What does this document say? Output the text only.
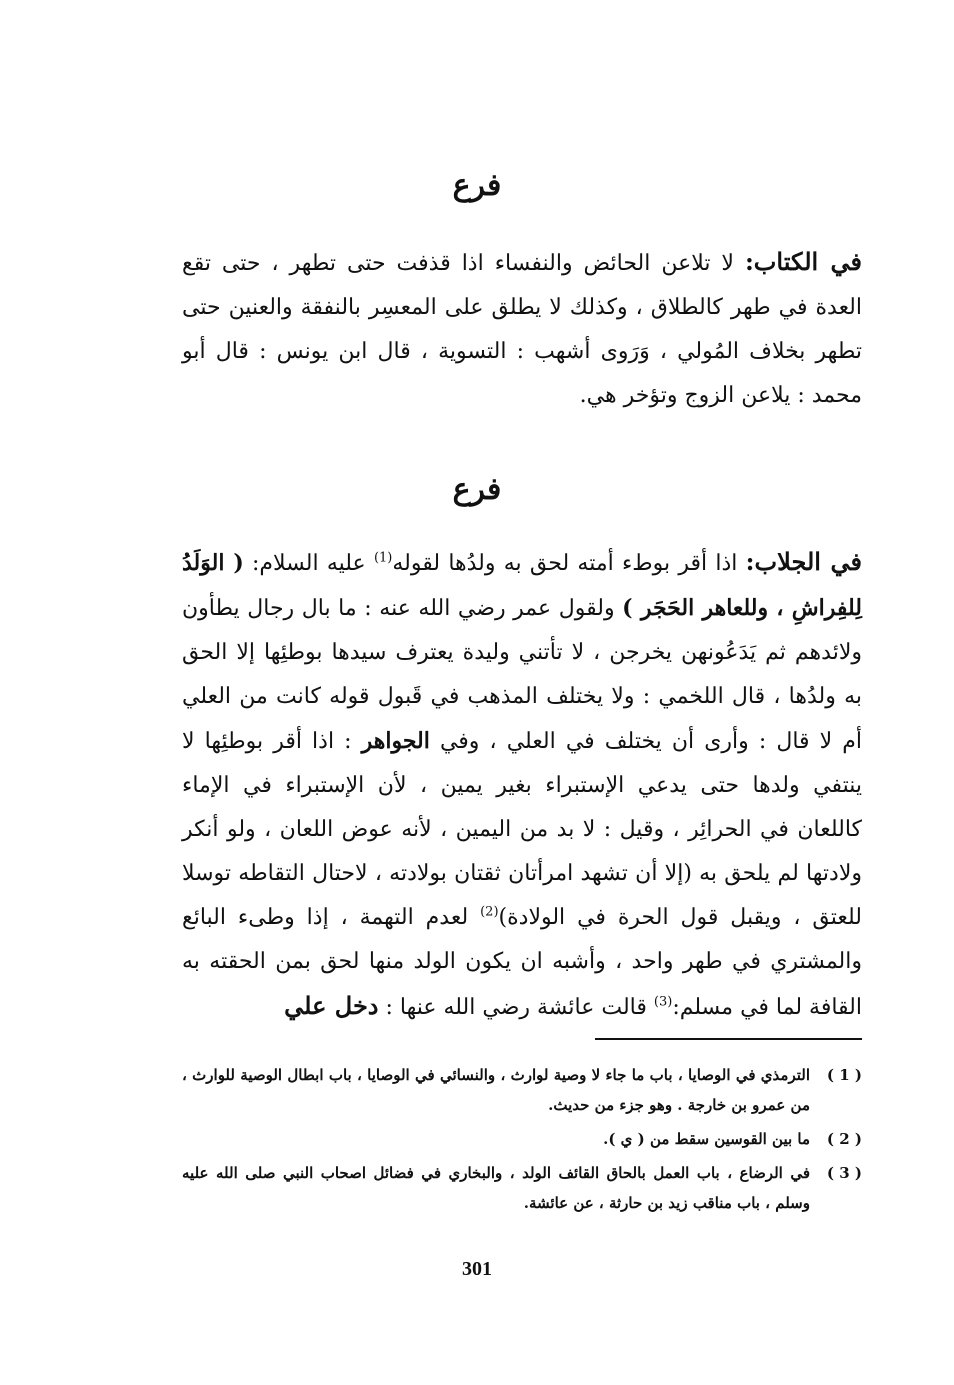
فرع
في الكتاب: لا تلاعن الحائض والنفساء اذا قذفت حتى تطهر ، حتى تقع العدة في طهر كالطلاق ، وكذلك لا يطلق على المعسِر بالنفقة والعنين حتى تطهر بخلاف المُولي ، وَرَوى أشهب : التسوية ، قال ابن يونس : قال أبو محمد : يلاعن الزوج وتؤخر هي.
فرع
في الجلاب: اذا أقر بوطء أمته لحق به ولدُها لقوله$^{(1)}$ عليه السلام: ( الوَلَدُ لِلفِراشِ ، وللعاهر الحَجَر ) ولقول عمر رضي الله عنه : ما بال رجال يطأون ولائدهم ثم يَدَعُونهن يخرجن ، لا تأتني وليدة يعترف سيدها بوطئِها إلا الحق به ولدُها ، قال اللخمي : ولا يختلف المذهب في قَبول قوله كانت من العلي أم لا قال : وأرى أن يختلف في العلي ، وفي الجواهر : اذا أقر بوطئِها لا ينتفي ولدها حتى يدعي الإستبراء بغير يمين ، لأن الإستبراء في الإماء كاللعان في الحرائِر ، وقيل : لا بد من اليمين ، لأنه عوض اللعان ، ولو أنكر ولادتها لم يلحق به (إلا أن تشهد امرأتان ثقتان بولادته ، لاحتال التقاطه توسلا للعتق ، ويقبل قول الحرة في الولادة)$^{(2)}$ لعدم التهمة ، إذا وطىء البائع والمشتري في طهر واحد ، وأشبه ان يكون الولد منها لحق بمن الحقته به القافة لما في مسلم:$^{(3)}$ قالت عائشة رضي الله عنها : دخل علي
( 1 )
الترمذي في الوصايا ، باب ما جاء لا وصية لوارث ، والنسائي في الوصايا ، باب ابطال الوصية للوارث ، من عمرو بن خارجة . وهو جزء من حديث.
( 2 )
ما بين القوسين سقط من ( ي ).
( 3 )
في الرضاع ، باب العمل بالحاق القائف الولد ، والبخاري في فضائل اصحاب النبي صلى الله عليه وسلم ، باب مناقب زيد بن حارثة ، عن عائشة.
301
